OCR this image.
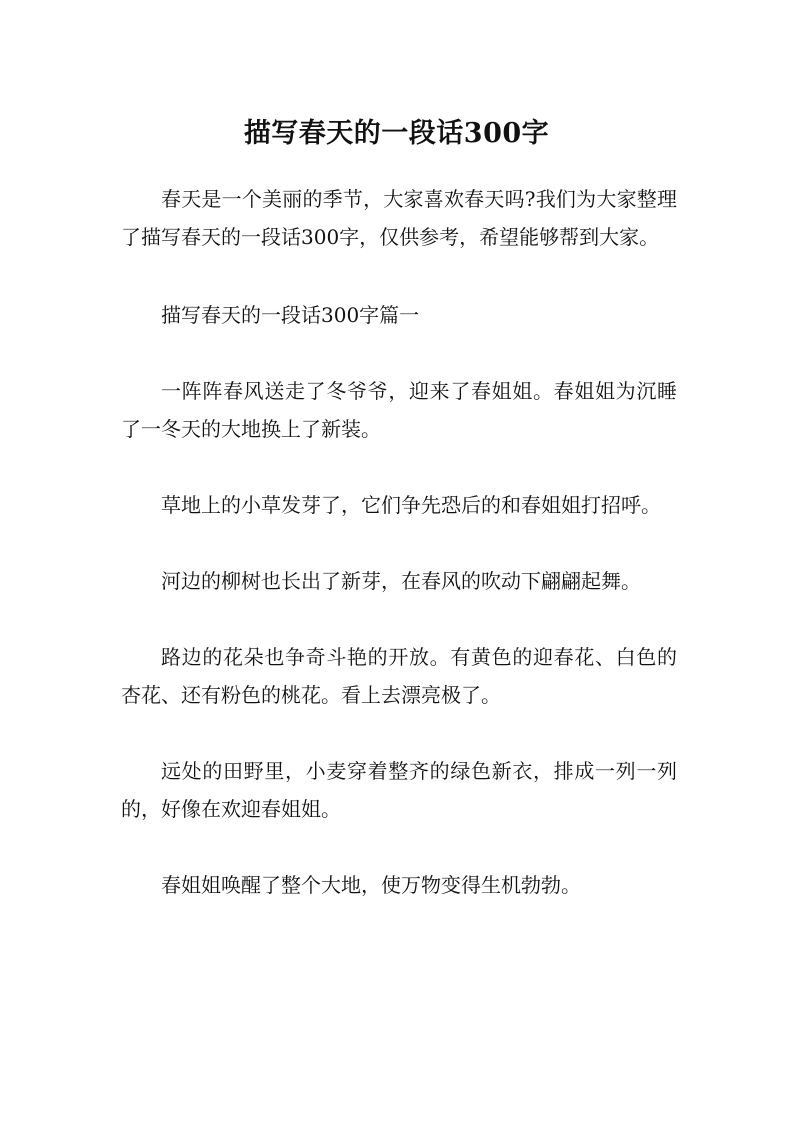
描写春天的一段话300字

春天是一个美丽的季节，大家喜欢春天吗?我们为大家整理了描写春天的一段话300字，仅供参考，希望能够帮到大家。

描写春天的一段话300字篇一

一阵阵春风送走了冬爷爷，迎来了春姐姐。春姐姐为沉睡了一冬天的大地换上了新装。

草地上的小草发芽了，它们争先恐后的和春姐姐打招呼。

河边的柳树也长出了新芽，在春风的吹动下翩翩起舞。

路边的花朵也争奇斗艳的开放。有黄色的迎春花、白色的杏花、还有粉色的桃花。看上去漂亮极了。

远处的田野里，小麦穿着整齐的绿色新衣，排成一列一列的，好像在欢迎春姐姐。

春姐姐唤醒了整个大地，使万物变得生机勃勃。
